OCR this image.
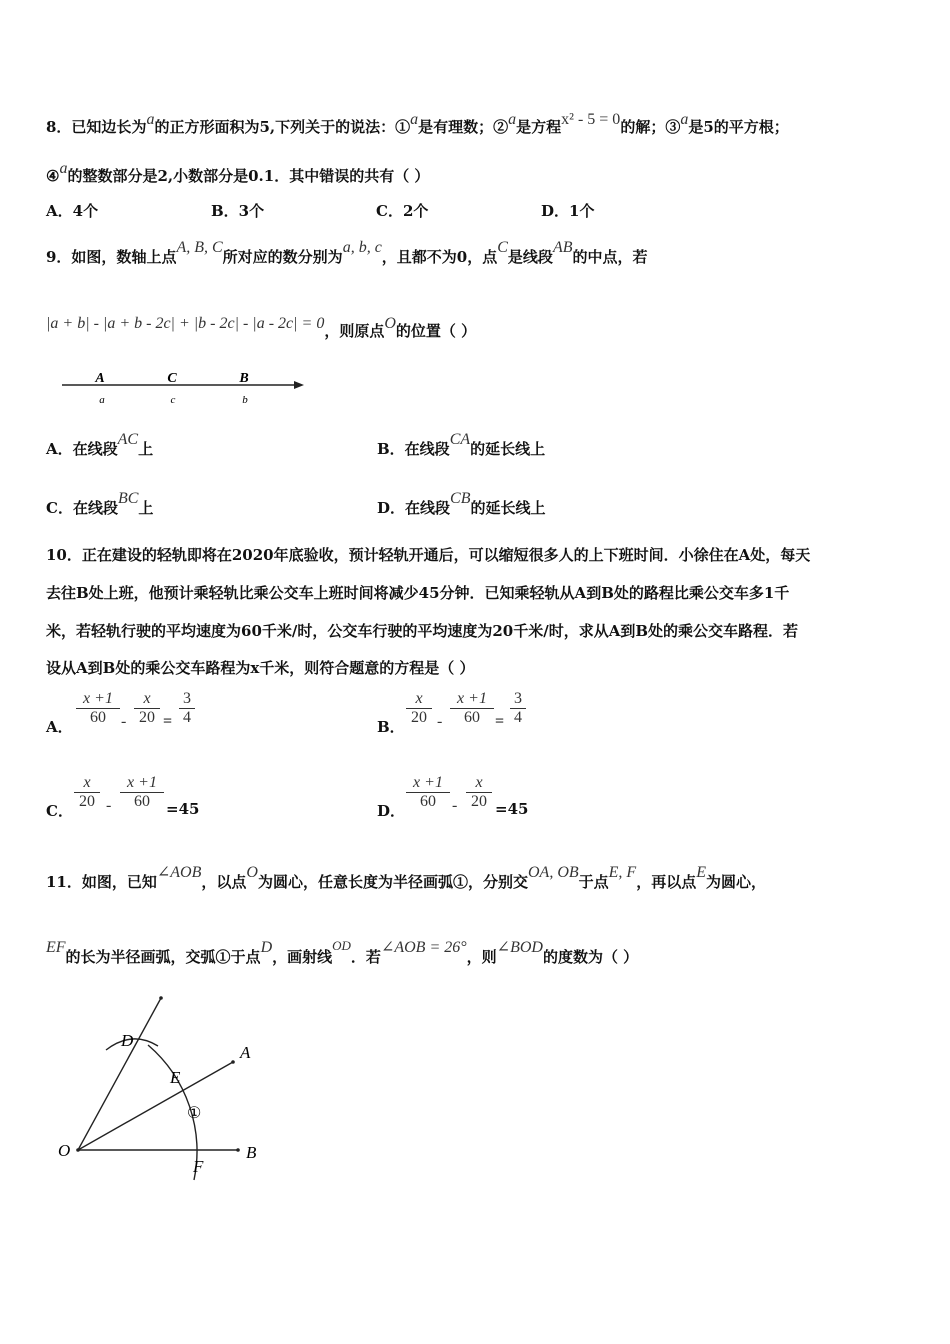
8．已知边长为a的正方形面积为5,下列关于的说法：①a是有理数；②a是方程x² - 5 = 0的解；③a是5的平方根；
④a的整数部分是2,小数部分是0.1．其中错误的共有（ ）
A．4个	B．3个	C．2个	D．1个
9．如图，数轴上点A, B, C所对应的数分别为a, b, c，且都不为0，点C是线段AB的中点，若
|a + b| - |a + b - 2c| + |b - 2c| - |a - 2c| = 0，则原点O的位置（ ）
A	C	B
a	c	b
A．在线段AC上	B．在线段CA的延长线上
C．在线段BC上	D．在线段CB的延长线上
10．正在建设的轻轨即将在2020年底验收，预计轻轨开通后，可以缩短很多人的上下班时间．小徐住在A处，每天
去往B处上班，他预计乘轻轨比乘公交车上班时间将减少45分钟．已知乘轻轨从A到B处的路程比乘公交车多1千
米，若轻轨行驶的平均速度为60千米/时，公交车行驶的平均速度为20千米/时，求从A到B处的乘公交车路程．若
设从A到B处的乘公交车路程为x千米，则符合题意的方程是（ ）
A． $\frac{x +1}{60} - \frac{x}{20} = \frac{3}{4}$	B． $\frac{x}{20} - \frac{x +1}{60} = \frac{3}{4}$
C． $\frac{x}{20} - \frac{x +1}{60} =45$	D． $\frac{x +1}{60} - \frac{x}{20} =45$
11．如图，已知∠AOB，以点O为圆心，任意长度为半径画弧①，分别交OA, OB于点E, F，再以点E为圆心，
EF的长为半径画弧，交弧①于点D，画射线OD．若∠AOB = 26°，则∠BOD的度数为（ ）
O
A
B
D
E
F
①
